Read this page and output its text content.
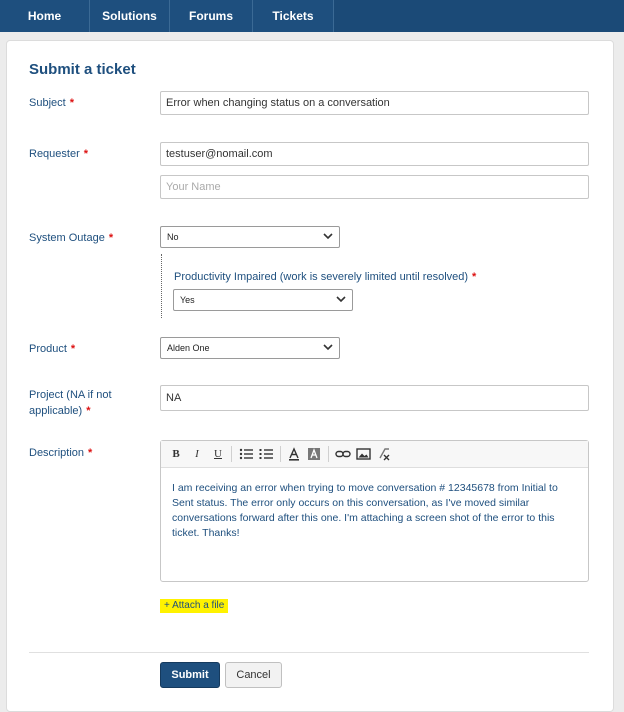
Home	Solutions	Forums	Tickets
Submit a ticket
Subject *	Error when changing status on a conversation
Requester *	testuser@nomail.com
Your Name
System Outage *	No
Productivity Impaired (work is severely limited until resolved) *
Yes
Product *	Alden One
Project (NA if not
applicable) *
NA
Description *	B	I	U
I am receiving an error when trying to move conversation # 12345678 from Initial to Sent status. The error only occurs on this conversation, as I've moved similar conversations forward after this one. I'm attaching a screen shot of the error to this ticket. Thanks!
+ Attach a file
Submit	Cancel
